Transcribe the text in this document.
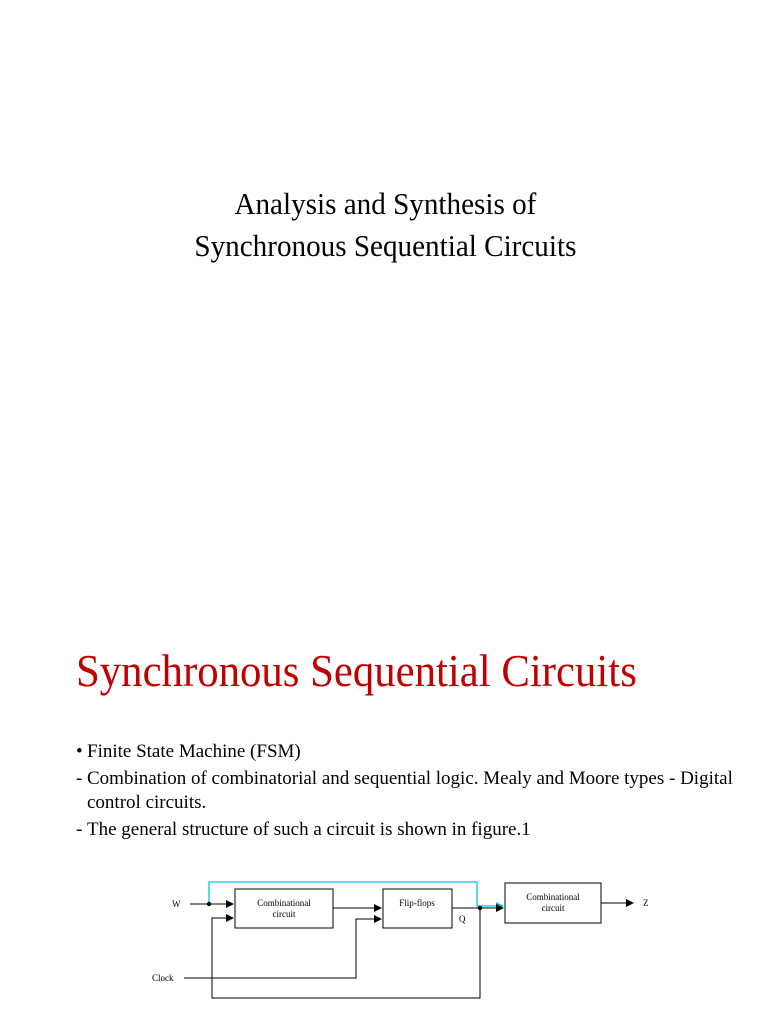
Analysis and Synthesis of
Synchronous Sequential Circuits
Synchronous Sequential Circuits
• Finite State Machine (FSM)
- Combination of combinatorial and sequential logic. Mealy and Moore types - Digital control circuits.
- The general structure of such a circuit is shown in figure.1
Combinational
circuit
Flip-flops
Clock
W
Q
Combinational
circuit	Z
